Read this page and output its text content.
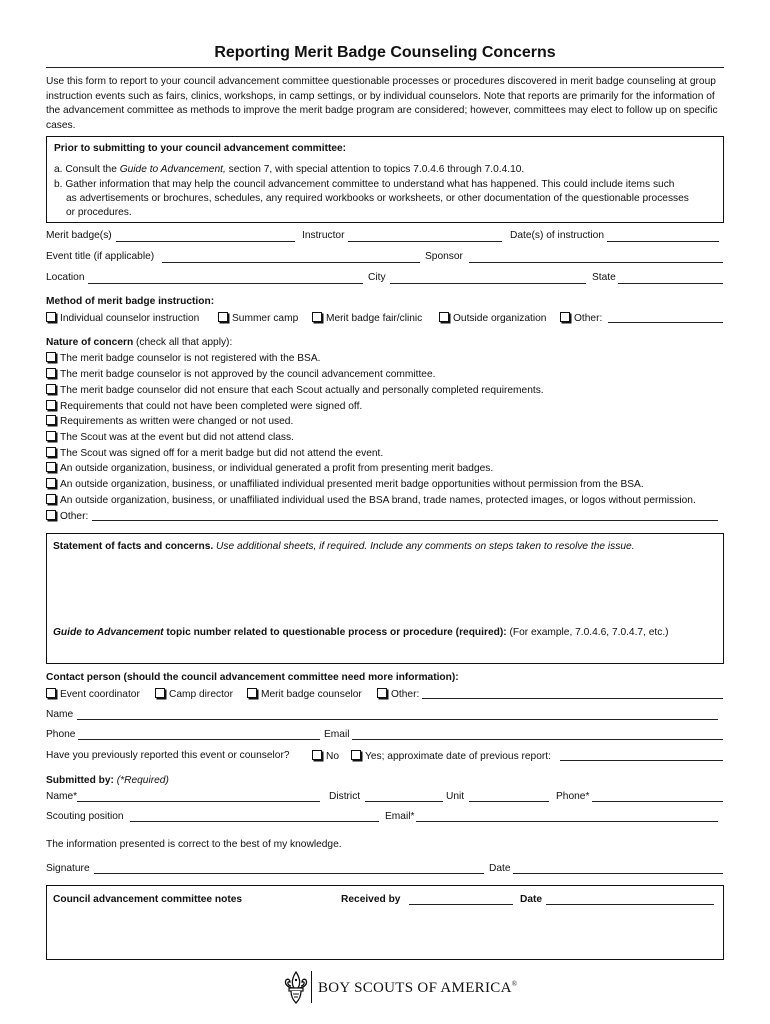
Reporting Merit Badge Counseling Concerns
Use this form to report to your council advancement committee questionable processes or procedures discovered in merit badge counseling at group instruction events such as fairs, clinics, workshops, in camp settings, or by individual counselors. Note that reports are primarily for the information of the advancement committee as methods to improve the merit badge program are considered; however, committees may elect to follow up on specific cases.
Prior to submitting to your council advancement committee:
a. Consult the Guide to Advancement, section 7, with special attention to topics 7.0.4.6 through 7.0.4.10.
b. Gather information that may help the council advancement committee to understand what has happened. This could include items such
as advertisements or brochures, schedules, any required workbooks or worksheets, or other documentation of the questionable processes
or procedures.
Merit badge(s)	Instructor	Date(s) of instruction
Event title (if applicable)	Sponsor
Location	City	State
Method of merit badge instruction:
Individual counselor instruction	Summer camp	Merit badge fair/clinic	Outside organization	Other:
Nature of concern (check all that apply):
The merit badge counselor is not registered with the BSA.
The merit badge counselor is not approved by the council advancement committee.
The merit badge counselor did not ensure that each Scout actually and personally completed requirements.
Requirements that could not have been completed were signed off.
Requirements as written were changed or not used.
The Scout was at the event but did not attend class.
The Scout was signed off for a merit badge but did not attend the event.
An outside organization, business, or individual generated a profit from presenting merit badges.
An outside organization, business, or unaffiliated individual presented merit badge opportunities without permission from the BSA.
An outside organization, business, or unaffiliated individual used the BSA brand, trade names, protected images, or logos without permission.
Other:
Statement of facts and concerns. Use additional sheets, if required. Include any comments on steps taken to resolve the issue.
Guide to Advancement topic number related to questionable process or procedure (required): (For example, 7.0.4.6, 7.0.4.7, etc.)
Contact person (should the council advancement committee need more information):
Event coordinator	Camp director	Merit badge counselor	Other:
Name
Phone	Email
Have you previously reported this event or counselor?	No	Yes; approximate date of previous report:
Submitted by: (*Required)
Name*	District	Unit	Phone*
Scouting position	Email*
The information presented is correct to the best of my knowledge.
Signature	Date
Council advancement committee notes	Received by	Date
BOY SCOUTS OF AMERICA®
